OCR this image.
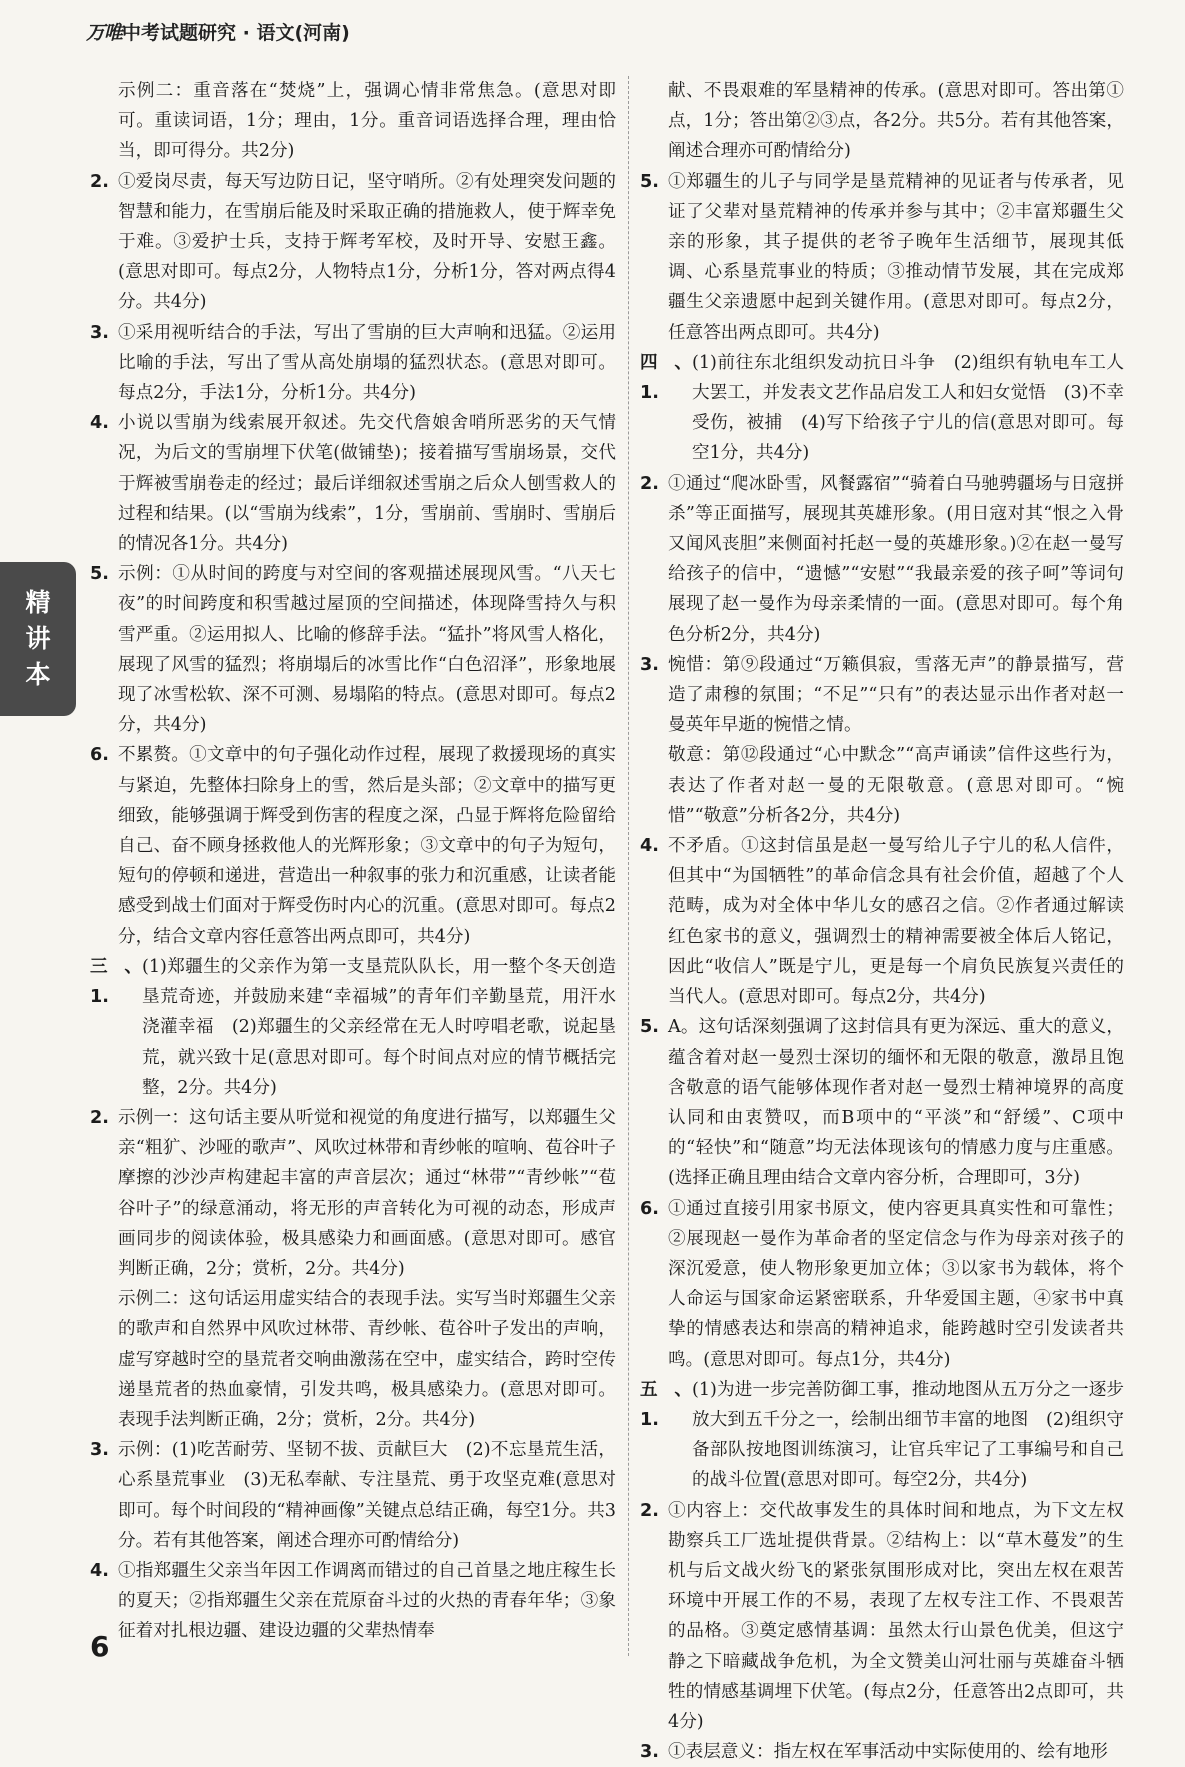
万唯中考试题研究 · 语文(河南)
示例二：重音落在“焚烧”上，强调心情非常焦急。(意思对即可。重读词语，1分；理由，1分。重音词语选择合理，理由恰当，即可得分。共2分)
2. ①爱岗尽责，每天写边防日记，坚守哨所。②有处理突发问题的智慧和能力，在雪崩后能及时采取正确的措施救人，使于辉幸免于难。③爱护士兵，支持于辉考军校，及时开导、安慰王鑫。(意思对即可。每点2分，人物特点1分，分析1分，答对两点得4分。共4分)
3. ①采用视听结合的手法，写出了雪崩的巨大声响和迅猛。②运用比喻的手法，写出了雪从高处崩塌的猛烈状态。(意思对即可。每点2分，手法1分，分析1分。共4分)
4. 小说以雪崩为线索展开叙述。先交代詹娘舍哨所恶劣的天气情况，为后文的雪崩埋下伏笔(做铺垫)；接着描写雪崩场景，交代于辉被雪崩卷走的经过；最后详细叙述雪崩之后众人刨雪救人的过程和结果。(以“雪崩为线索”，1分，雪崩前、雪崩时、雪崩后的情况各1分。共4分)
5. 示例：①从时间的跨度与对空间的客观描述展现风雪。“八天七夜”的时间跨度和积雪越过屋顶的空间描述，体现降雪持久与积雪严重。②运用拟人、比喻的修辞手法。“猛扑”将风雪人格化，展现了风雪的猛烈；将崩塌后的冰雪比作“白色沼泽”，形象地展现了冰雪松软、深不可测、易塌陷的特点。(意思对即可。每点2分，共4分)
6. 不累赘。①文章中的句子强化动作过程，展现了救援现场的真实与紧迫，先整体扫除身上的雪，然后是头部；②文章中的描写更细致，能够强调于辉受到伤害的程度之深，凸显于辉将危险留给自己、奋不顾身拯救他人的光辉形象；③文章中的句子为短句，短句的停顿和递进，营造出一种叙事的张力和沉重感，让读者能感受到战士们面对于辉受伤时内心的沉重。(意思对即可。每点2分，结合文章内容任意答出两点即可，共4分)
三、1.
(1)郑疆生的父亲作为第一支垦荒队队长，用一整个冬天创造垦荒奇迹，并鼓励来建“幸福城”的青年们辛勤垦荒，用汗水浇灌幸福　(2)郑疆生的父亲经常在无人时哼唱老歌，说起垦荒，就兴致十足(意思对即可。每个时间点对应的情节概括完整，2分。共4分)
2. 示例一：这句话主要从听觉和视觉的角度进行描写，以郑疆生父亲“粗犷、沙哑的歌声”、风吹过林带和青纱帐的喧响、苞谷叶子摩擦的沙沙声构建起丰富的声音层次；通过“林带”“青纱帐”“苞谷叶子”的绿意涌动，将无形的声音转化为可视的动态，形成声画同步的阅读体验，极具感染力和画面感。(意思对即可。感官判断正确，2分；赏析，2分。共4分)
示例二：这句话运用虚实结合的表现手法。实写当时郑疆生父亲的歌声和自然界中风吹过林带、青纱帐、苞谷叶子发出的声响，虚写穿越时空的垦荒者交响曲激荡在空中，虚实结合，跨时空传递垦荒者的热血豪情，引发共鸣，极具感染力。(意思对即可。表现手法判断正确，2分；赏析，2分。共4分)
3. 示例：(1)吃苦耐劳、坚韧不拔、贡献巨大　(2)不忘垦荒生活，心系垦荒事业　(3)无私奉献、专注垦荒、勇于攻坚克难(意思对即可。每个时间段的“精神画像”关键点总结正确，每空1分。共3分。若有其他答案，阐述合理亦可酌情给分)
4. ①指郑疆生父亲当年因工作调离而错过的自己首垦之地庄稼生长的夏天；②指郑疆生父亲在荒原奋斗过的火热的青春年华；③象征着对扎根边疆、建设边疆的父辈热情奉
献、不畏艰难的军垦精神的传承。(意思对即可。答出第①点，1分；答出第②③点，各2分。共5分。若有其他答案，阐述合理亦可酌情给分)
5. ①郑疆生的儿子与同学是垦荒精神的见证者与传承者，见证了父辈对垦荒精神的传承并参与其中；②丰富郑疆生父亲的形象，其子提供的老爷子晚年生活细节，展现其低调、心系垦荒事业的特质；③推动情节发展，其在完成郑疆生父亲遗愿中起到关键作用。(意思对即可。每点2分，任意答出两点即可。共4分)
四、1.
(1)前往东北组织发动抗日斗争　(2)组织有轨电车工人大罢工，并发表文艺作品启发工人和妇女觉悟　(3)不幸受伤，被捕　(4)写下给孩子宁儿的信(意思对即可。每空1分，共4分)
2. ①通过“爬冰卧雪，风餐露宿”“骑着白马驰骋疆场与日寇拼杀”等正面描写，展现其英雄形象。(用日寇对其“恨之入骨又闻风丧胆”来侧面衬托赵一曼的英雄形象。)②在赵一曼写给孩子的信中，“遗憾”“安慰”“我最亲爱的孩子呵”等词句展现了赵一曼作为母亲柔情的一面。(意思对即可。每个角色分析2分，共4分)
3. 惋惜：第⑨段通过“万籁俱寂，雪落无声”的静景描写，营造了肃穆的氛围；“不足”“只有”的表达显示出作者对赵一曼英年早逝的惋惜之情。
敬意：第⑫段通过“心中默念”“高声诵读”信件这些行为，表达了作者对赵一曼的无限敬意。(意思对即可。“惋惜”“敬意”分析各2分，共4分)
4. 不矛盾。①这封信虽是赵一曼写给儿子宁儿的私人信件，但其中“为国牺牲”的革命信念具有社会价值，超越了个人范畴，成为对全体中华儿女的感召之信。②作者通过解读红色家书的意义，强调烈士的精神需要被全体后人铭记，因此“收信人”既是宁儿，更是每一个肩负民族复兴责任的当代人。(意思对即可。每点2分，共4分)
5. A。这句话深刻强调了这封信具有更为深远、重大的意义，蕴含着对赵一曼烈士深切的缅怀和无限的敬意，激昂且饱含敬意的语气能够体现作者对赵一曼烈士精神境界的高度认同和由衷赞叹，而B项中的“平淡”和“舒缓”、C项中的“轻快”和“随意”均无法体现该句的情感力度与庄重感。(选择正确且理由结合文章内容分析，合理即可，3分)
6. ①通过直接引用家书原文，使内容更具真实性和可靠性；②展现赵一曼作为革命者的坚定信念与作为母亲对孩子的深沉爱意，使人物形象更加立体；③以家书为载体，将个人命运与国家命运紧密联系，升华爱国主题，④家书中真挚的情感表达和崇高的精神追求，能跨越时空引发读者共鸣。(意思对即可。每点1分，共4分)
五、1.
(1)为进一步完善防御工事，推动地图从五万分之一逐步放大到五千分之一，绘制出细节丰富的地图　(2)组织守备部队按地图训练演习，让官兵牢记了工事编号和自己的战斗位置(意思对即可。每空2分，共4分)
2. ①内容上：交代故事发生的具体时间和地点，为下文左权勘察兵工厂选址提供背景。②结构上：以“草木蔓发”的生机与后文战火纷飞的紧张氛围形成对比，突出左权在艰苦环境中开展工作的不易，表现了左权专注工作、不畏艰苦的品格。③奠定感情基调：虽然太行山景色优美，但这宁静之下暗藏战争危机，为全文赞美山河壮丽与英雄奋斗牺牲的情感基调埋下伏笔。(每点2分，任意答出2点即可，共4分)
3. ①表层意义：指左权在军事活动中实际使用的、绘有地形
精
讲
本
6
